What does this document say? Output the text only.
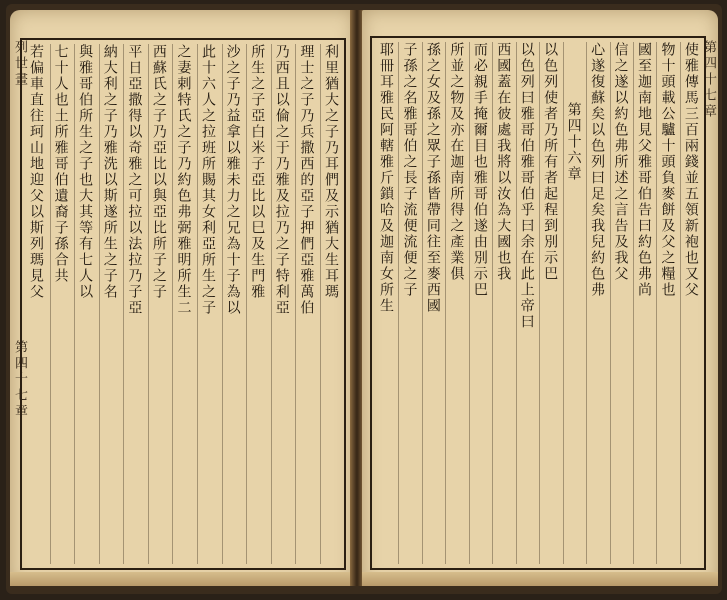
列世畫
第四十七章
利里猶大之子乃耳們及示猶大生耳瑪
理士之子乃兵撒西的亞子押們亞雅萬伯
乃西且以倫之于乃雅及拉乃之子特利亞
所生之子亞白米子亞比以巳及生門雅
沙之子乃益拿以雅未力之兄為十子為以
此十六人之拉班所賜其女利亞所生之子
之妻剌特氏之子乃約色弗弼雅明所生二
西蘇氏之子乃亞比以與亞比所子之子
平日亞撒得以奇雅之可拉以法拉乃子亞
納大利之子乃雅洗以斯遂所生之子名
與雅哥伯所生之子也大其等有七人以
七十人也土所雅哥伯遺裔子孫合共
若偏車直往珂山地迎父以斯列瑪見父	第四十七章
使雅傳馬三百兩錢並五領新袍也又父
物十頭載公驢十頭負麥餅及父之糧也
國至迦南地見父雅哥伯告曰約色弗尚
信之遂以約色弗所述之言告及我父
心遂復蘇矣以色列曰足矣我兒約色弗
第四十六章
以色列使者乃所有者起程到別示巴
以色列曰雅哥伯雅哥伯乎曰余在此上帝曰
西國蓋在彼處我將以汝為大國也我
而必親手掩爾目也雅哥伯遂由別示巴
所並之物及亦在迦南所得之產業俱
孫之女及孫之眾子孫皆帶同往至麥西國
子孫之名雅哥伯之長子流便流便之子
耶冊耳雅民阿轄雅斤鎖哈及迦南女所生
